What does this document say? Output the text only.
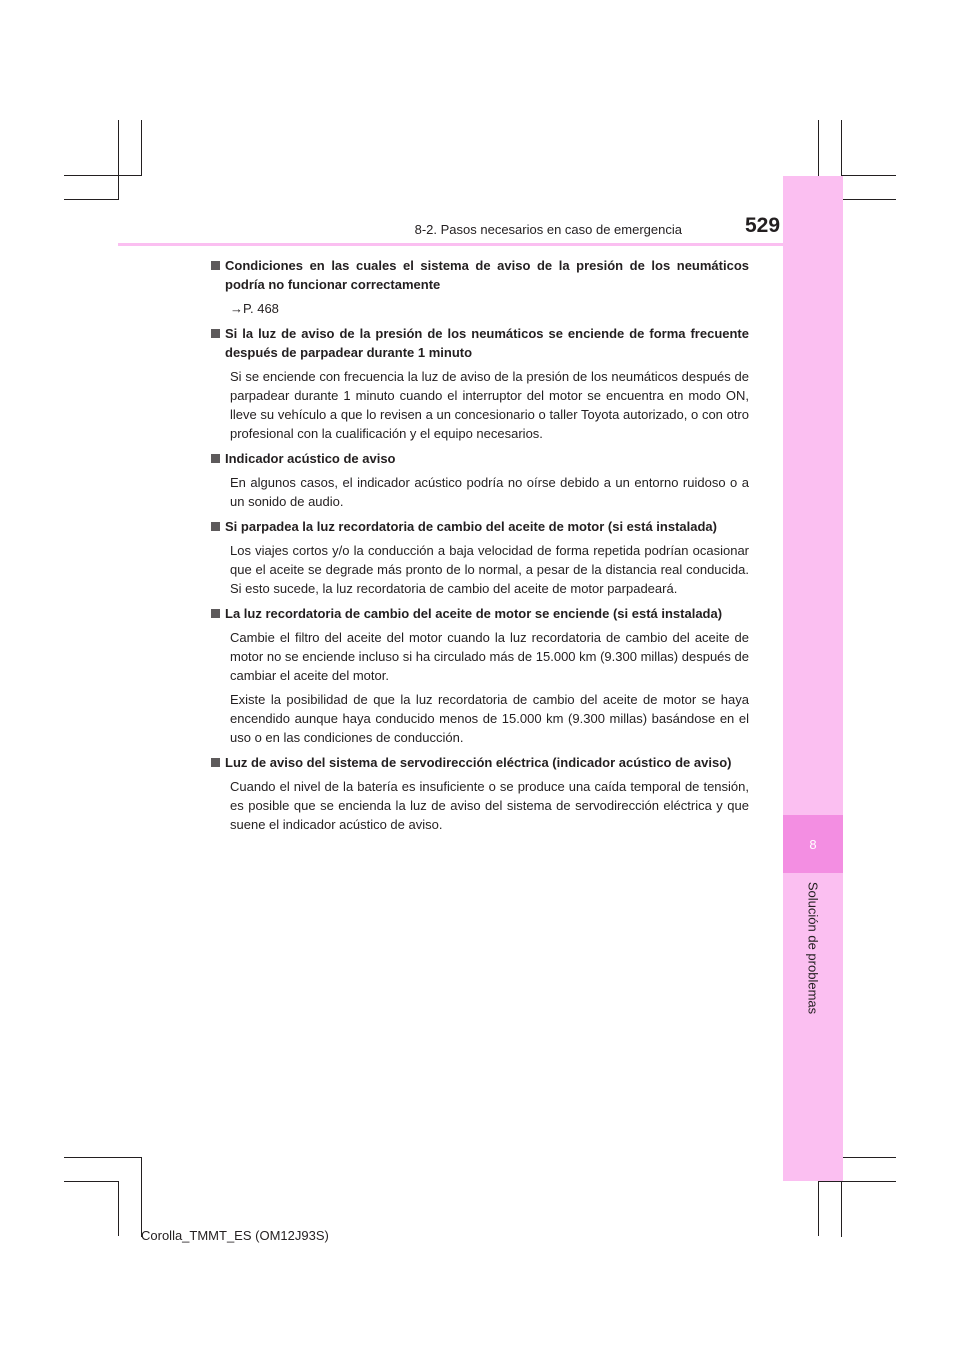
8
Solución de problemas
8-2. Pasos necesarios en caso de emergencia	529
Condiciones en las cuales el sistema de aviso de la presión de los neumáticos podría no funcionar correctamente
→P. 468
Si la luz de aviso de la presión de los neumáticos se enciende de forma frecuente después de parpadear durante 1 minuto
Si se enciende con frecuencia la luz de aviso de la presión de los neumáticos después de parpadear durante 1 minuto cuando el interruptor del motor se encuentra en modo ON, lleve su vehículo a que lo revisen a un concesionario o taller Toyota autorizado, o con otro profesional con la cualificación y el equipo necesarios.
Indicador acústico de aviso
En algunos casos, el indicador acústico podría no oírse debido a un entorno ruidoso o a un sonido de audio.
Si parpadea la luz recordatoria de cambio del aceite de motor (si está instalada)
Los viajes cortos y/o la conducción a baja velocidad de forma repetida podrían ocasionar que el aceite se degrade más pronto de lo normal, a pesar de la distancia real conducida. Si esto sucede, la luz recordatoria de cambio del aceite de motor parpadeará.
La luz recordatoria de cambio del aceite de motor se enciende (si está instalada)
Cambie el filtro del aceite del motor cuando la luz recordatoria de cambio del aceite de motor no se enciende incluso si ha circulado más de 15.000 km (9.300 millas) después de cambiar el aceite del motor.
Existe la posibilidad de que la luz recordatoria de cambio del aceite de motor se haya encendido aunque haya conducido menos de 15.000 km (9.300 millas) basándose en el uso o en las condiciones de conducción.
Luz de aviso del sistema de servodirección eléctrica (indicador acústico de aviso)
Cuando el nivel de la batería es insuficiente o se produce una caída temporal de tensión, es posible que se encienda la luz de aviso del sistema de servodirección eléctrica y que suene el indicador acústico de aviso.
Corolla_TMMT_ES (OM12J93S)
